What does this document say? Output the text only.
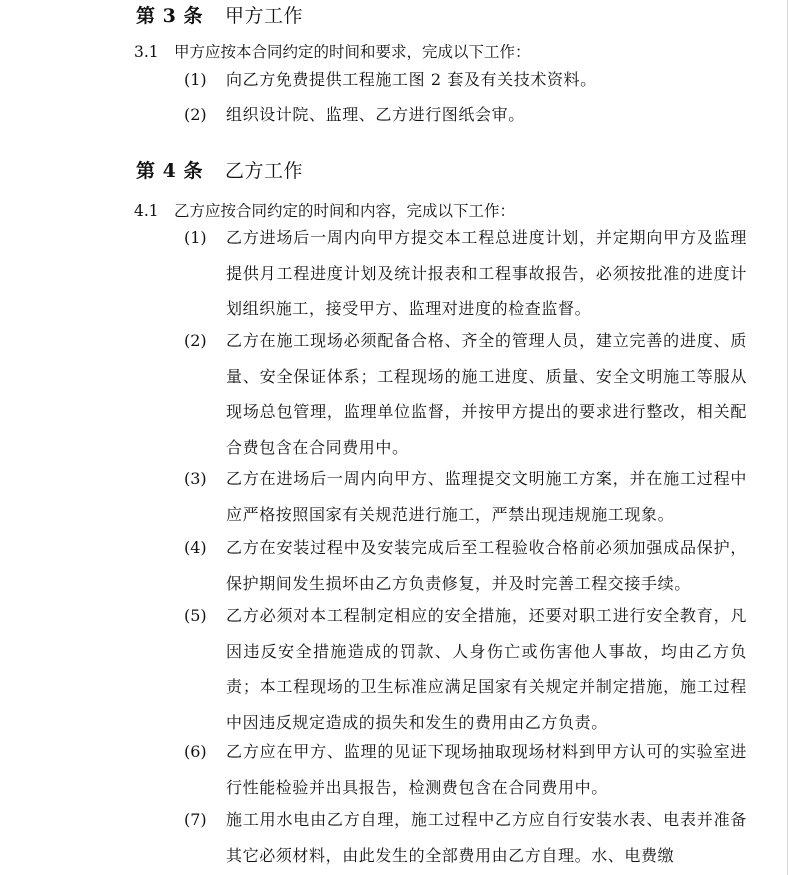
第 3 条 甲方工作
3.1 甲方应按本合同约定的时间和要求，完成以下工作：
(1) 向乙方免费提供工程施工图 2 套及有关技术资料。
(2) 组织设计院、监理、乙方进行图纸会审。
第 4 条 乙方工作
4.1 乙方应按合同约定的时间和内容，完成以下工作：
(1) 乙方进场后一周内向甲方提交本工程总进度计划，并定期向甲方及监理提供月工程进度计划及统计报表和工程事故报告，必须按批准的进度计划组织施工，接受甲方、监理对进度的检查监督。
(2) 乙方在施工现场必须配备合格、齐全的管理人员，建立完善的进度、质量、安全保证体系；工程现场的施工进度、质量、安全文明施工等服从现场总包管理，监理单位监督，并按甲方提出的要求进行整改，相关配合费包含在合同费用中。
(3) 乙方在进场后一周内向甲方、监理提交文明施工方案，并在施工过程中应严格按照国家有关规范进行施工，严禁出现违规施工现象。
(4) 乙方在安装过程中及安装完成后至工程验收合格前必须加强成品保护，保护期间发生损坏由乙方负责修复，并及时完善工程交接手续。
(5) 乙方必须对本工程制定相应的安全措施，还要对职工进行安全教育，凡因违反安全措施造成的罚款、人身伤亡或伤害他人事故，均由乙方负责；本工程现场的卫生标准应满足国家有关规定并制定措施，施工过程中因违反规定造成的损失和发生的费用由乙方负责。
(6) 乙方应在甲方、监理的见证下现场抽取现场材料到甲方认可的实验室进行性能检验并出具报告，检测费包含在合同费用中。
(7) 施工用水电由乙方自理，施工过程中乙方应自行安装水表、电表并准备其它必须材料，由此发生的全部费用由乙方自理。水、电费缴
